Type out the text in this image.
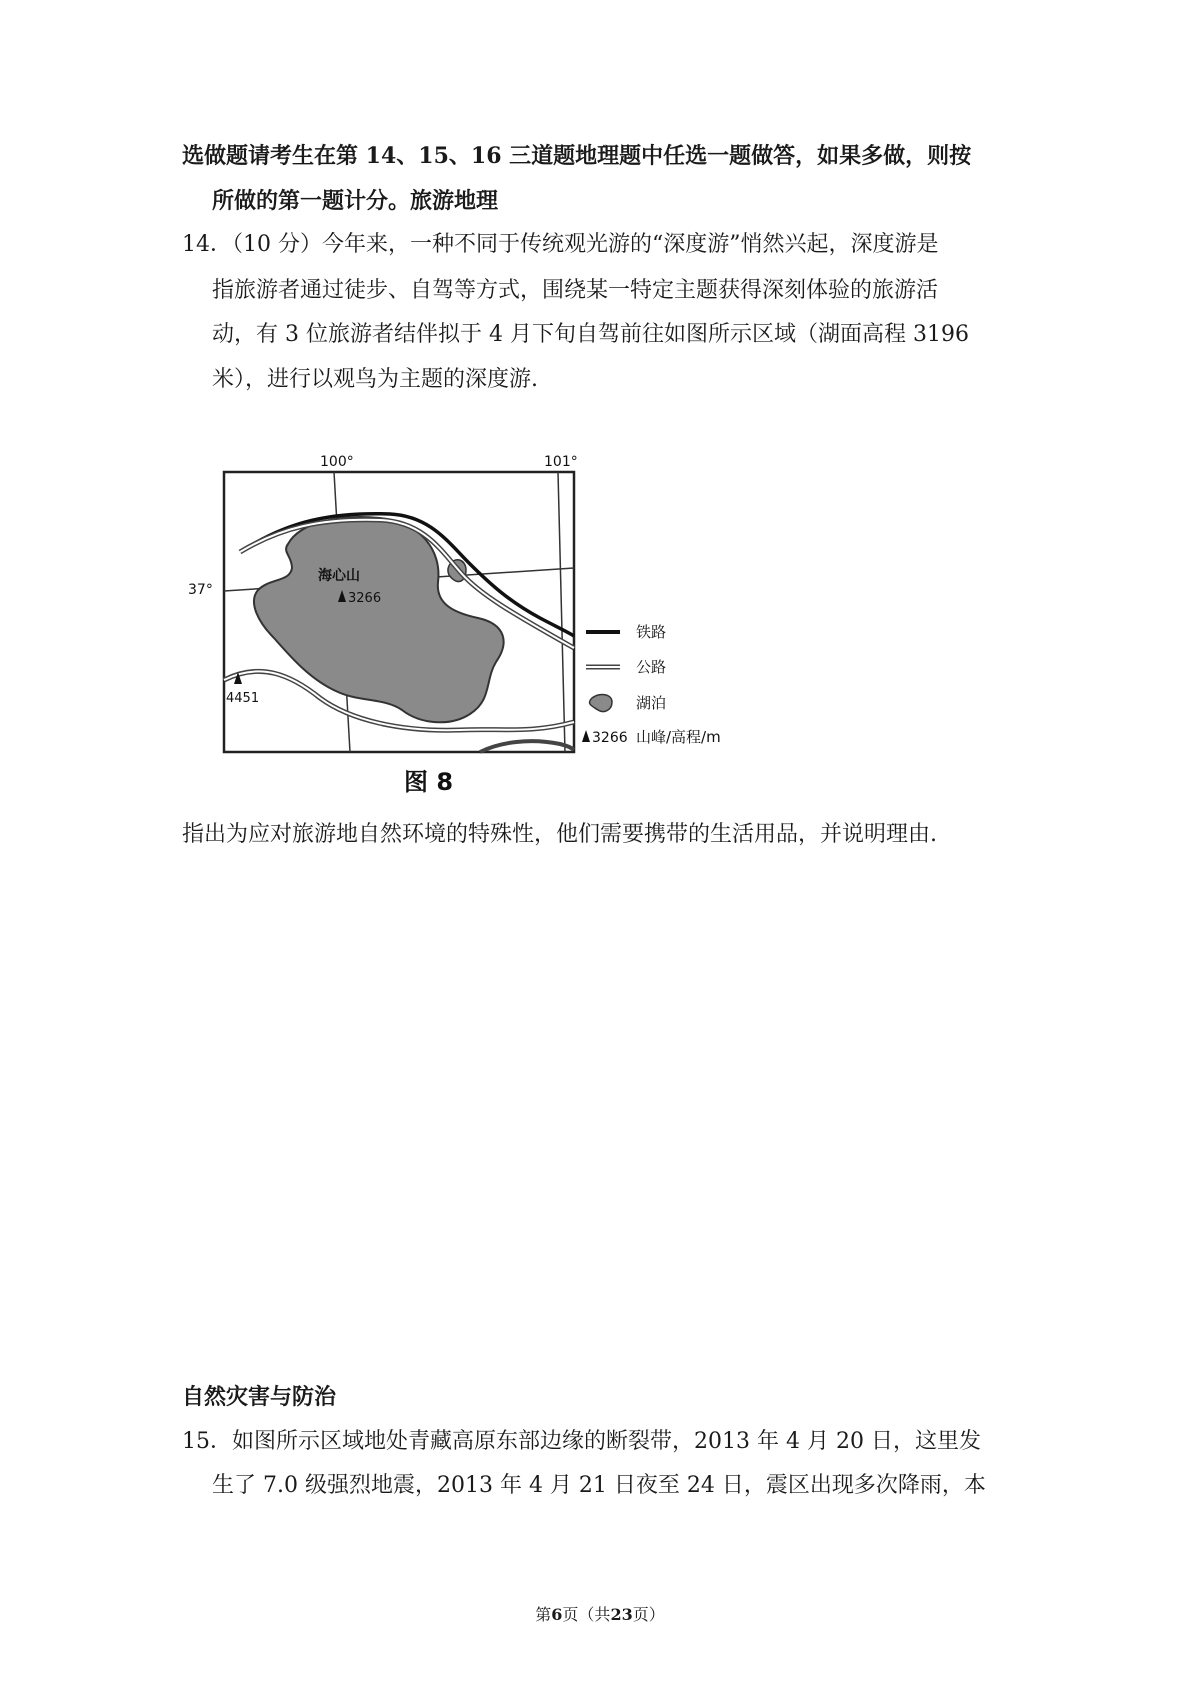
选做题请考生在第 14、15、16 三道题地理题中任选一题做答，如果多做，则按
所做的第一题计分。旅游地理
14．（10 分）今年来，一种不同于传统观光游的“深度游”悄然兴起，深度游是
指旅游者通过徒步、自驾等方式，围绕某一特定主题获得深刻体验的旅游活
动，有 3 位旅游者结伴拟于 4 月下旬自驾前往如图所示区域（湖面高程 3196
米），进行以观鸟为主题的深度游.
100°	101°
37°
海心山
3266
4451
铁路
公路
湖泊
3266 山峰/高程/m
图 8
指出为应对旅游地自然环境的特殊性，他们需要携带的生活用品，并说明理由.
自然灾害与防治
15．如图所示区域地处青藏高原东部边缘的断裂带，2013 年 4 月 20 日，这里发
生了 7.0 级强烈地震，2013 年 4 月 21 日夜至 24 日，震区出现多次降雨，本
第6页（共23页）
